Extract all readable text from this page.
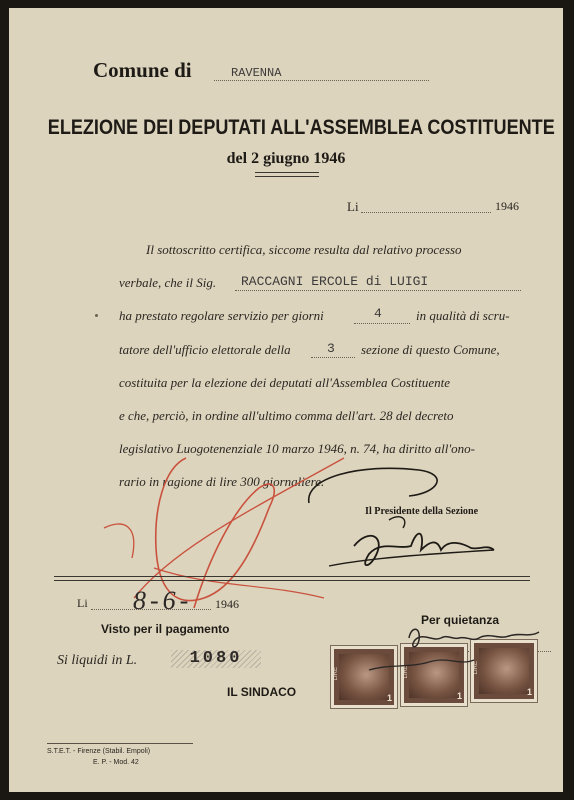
Comune di	RAVENNA
ELEZIONE DEI DEPUTATI ALL'ASSEMBLEA COSTITUENTE
del 2 giugno 1946
Li	1946
Il sottoscritto certifica, siccome resulta dal relativo processo
verbale, che il Sig. RACCAGNI ERCOLE di LUIGI
ha prestato regolare servizio per giorni	4	in qualità di scru-
tatore dell'ufficio elettorale della	3 sezione di questo Comune,
costituita per la elezione dei deputati all'Assemblea Costituente
e che, perciò, in ordine all'ultimo comma dell'art. 28 del decreto
legislativo Luogotenenziale 10 marzo 1946, n. 74, ha diritto all'ono-
rario in ragione di lire 300 giornaliere.
Il Presidente della Sezione
Li 8-6- 1946
Visto per il pagamento
Si liquidi in L.	1080
IL SINDACO
Per quietanza
LIRE
1
LIRE
1
LIRE
1
S.T.E.T. - Firenze (Stabil. Empoli)
E. P. - Mod. 42
